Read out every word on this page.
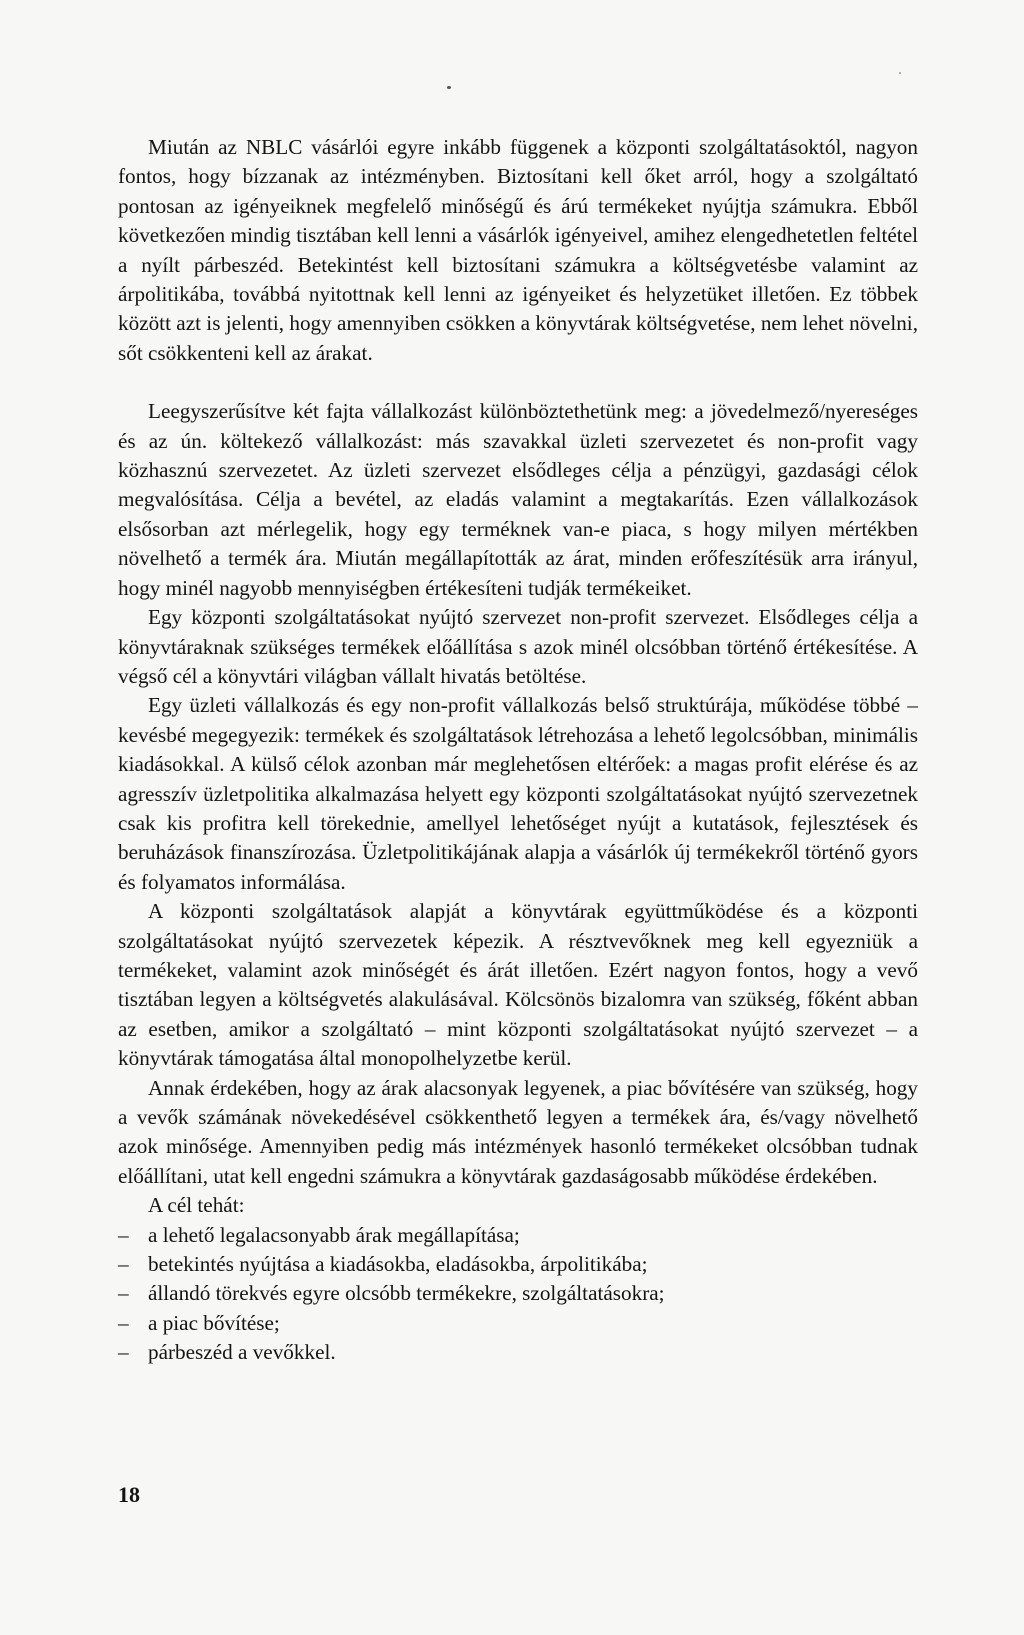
Miután az NBLC vásárlói egyre inkább függenek a központi szolgáltatásoktól, nagyon fontos, hogy bízzanak az intézményben. Biztosítani kell őket arról, hogy a szolgáltató pontosan az igényeiknek megfelelő minőségű és árú termékeket nyújtja számukra. Ebből következően mindig tisztában kell lenni a vásárlók igényeivel, amihez elengedhetetlen feltétel a nyílt párbeszéd. Betekintést kell biztosítani számukra a költségvetésbe valamint az árpolitikába, továbbá nyitottnak kell lenni az igényeiket és helyzetüket illetően. Ez többek között azt is jelenti, hogy amennyiben csökken a könyvtárak költségvetése, nem lehet növelni, sőt csökkenteni kell az árakat.

Leegyszerűsítve két fajta vállalkozást különböztethetünk meg: a jövedelmező/nyereséges és az ún. költekező vállalkozást: más szavakkal üzleti szervezetet és non-profit vagy közhasznú szervezetet. Az üzleti szervezet elsődleges célja a pénzügyi, gazdasági célok megvalósítása. Célja a bevétel, az eladás valamint a megtakarítás. Ezen vállalkozások elsősorban azt mérlegelik, hogy egy terméknek van-e piaca, s hogy milyen mértékben növelhető a termék ára. Miután megállapították az árat, minden erőfeszítésük arra irányul, hogy minél nagyobb mennyiségben értékesíteni tudják termékeiket.

Egy központi szolgáltatásokat nyújtó szervezet non-profit szervezet. Elsődleges célja a könyvtáraknak szükséges termékek előállítása s azok minél olcsóbban történő értékesítése. A végső cél a könyvtári világban vállalt hivatás betöltése.

Egy üzleti vállalkozás és egy non-profit vállalkozás belső struktúrája, működése többé – kevésbé megegyezik: termékek és szolgáltatások létrehozása a lehető legolcsóbban, minimális kiadásokkal. A külső célok azonban már meglehetősen eltérőek: a magas profit elérése és az agresszív üzletpolitika alkalmazása helyett egy központi szolgáltatásokat nyújtó szervezetnek csak kis profitra kell törekednie, amellyel lehetőséget nyújt a kutatások, fejlesztések és beruházások finanszírozása. Üzletpolitikájának alapja a vásárlók új termékekről történő gyors és folyamatos informálása.

A központi szolgáltatások alapját a könyvtárak együttműködése és a központi szolgáltatásokat nyújtó szervezetek képezik. A résztvevőknek meg kell egyezniük a termékeket, valamint azok minőségét és árát illetően. Ezért nagyon fontos, hogy a vevő tisztában legyen a költségvetés alakulásával. Kölcsönös bizalomra van szükség, főként abban az esetben, amikor a szolgáltató – mint központi szolgáltatásokat nyújtó szervezet – a könyvtárak támogatása által monopolhelyzetbe kerül.

Annak érdekében, hogy az árak alacsonyak legyenek, a piac bővítésére van szükség, hogy a vevők számának növekedésével csökkenthető legyen a termékek ára, és/vagy növelhető azok minősége. Amennyiben pedig más intézmények hasonló termékeket olcsóbban tudnak előállítani, utat kell engedni számukra a könyvtárak gazdaságosabb működése érdekében.

A cél tehát:

– a lehető legalacsonyabb árak megállapítása;
– betekintés nyújtása a kiadásokba, eladásokba, árpolitikába;
– állandó törekvés egyre olcsóbb termékekre, szolgáltatásokra;
– a piac bővítése;
– párbeszéd a vevőkkel.
18
